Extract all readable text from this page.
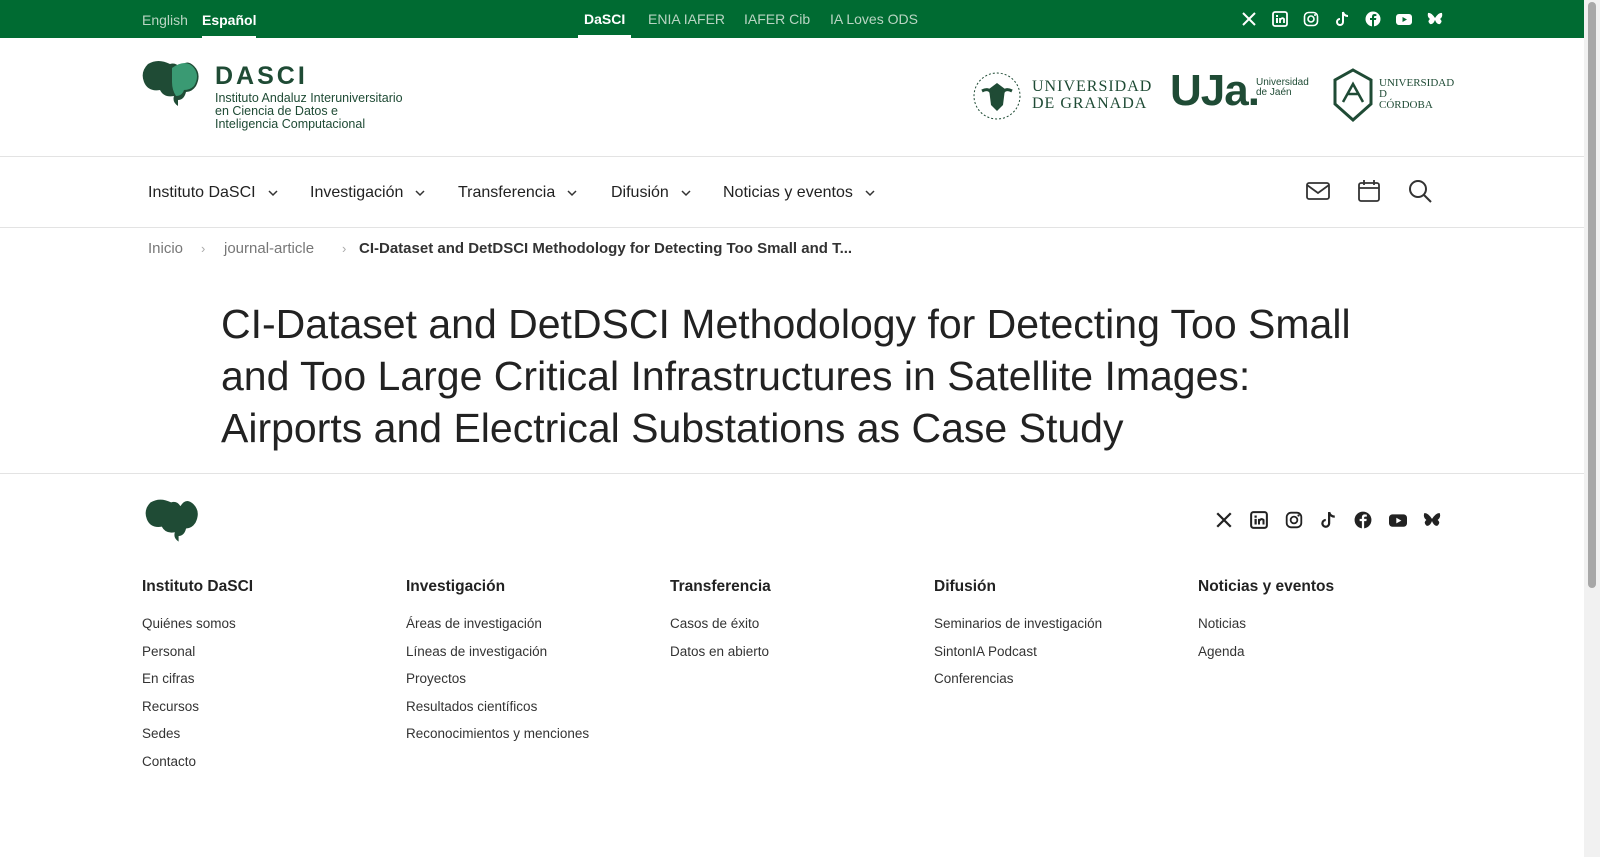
English Español	DaSCI	ENIA IAFER IAFER Cib IA Loves ODS
DASCI
Instituto Andaluz Interuniversitario
en Ciencia de Datos e
Inteligencia Computacional
UNIVERSIDAD
DE GRANADA UJa.
Universidad
de Jaén
UNIVERSIDAD
D
CÓRDOBA
Instituto DaSCI	Investigación	Transferencia	Difusión	Noticias y eventos
Inicio › journal-article › CI-Dataset and DetDSCI Methodology for Detecting Too Small and T...
CI-Dataset and DetDSCI Methodology for Detecting Too Small and Too Large Critical Infrastructures in Satellite Images: Airports and Electrical Substations as Case Study
Instituto DaSCI
Quiénes somos
Personal
En cifras
Recursos
Sedes
Contacto
Investigación
Áreas de investigación
Líneas de investigación
Proyectos
Resultados científicos
Reconocimientos y menciones
Transferencia
Casos de éxito
Datos en abierto
Difusión
Seminarios de investigación
SintonIA Podcast
Conferencias
Noticias y eventos
Noticias
Agenda
